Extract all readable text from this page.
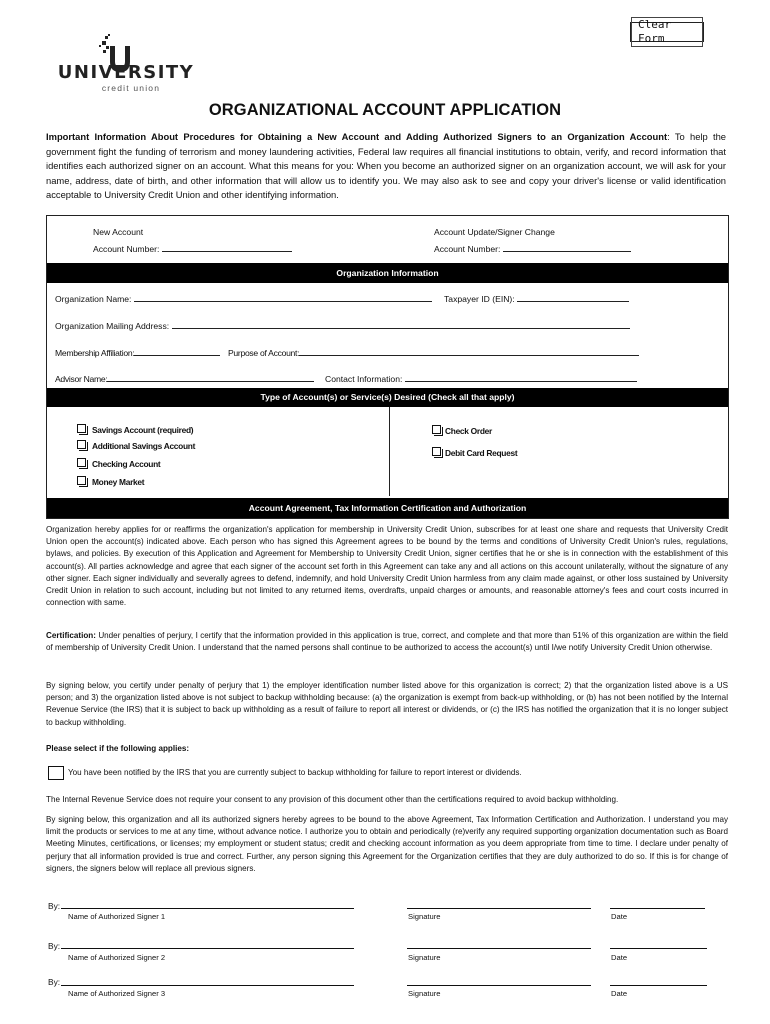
UNIVERSITY
credit union
Clear Form
ORGANIZATIONAL ACCOUNT APPLICATION
Important Information About Procedures for Obtaining a New Account and Adding Authorized Signers to an Organization Account: To help the government fight the funding of terrorism and money laundering activities, Federal law requires all financial institutions to obtain, verify, and record information that identifies each authorized signer on an account. What this means for you: When you become an authorized signer on an organization account, we will ask for your name, address, date of birth, and other information that will allow us to identify you. We may also ask to see and copy your driver's license or valid identification acceptable to University Credit Union and other identifying information.
New Account
Account Number:
Account Update/Signer Change
Account Number:
Organization Information
Organization Name:	Taxpayer ID (EIN):
Organization Mailing Address:
Membership Affiliation:	Purpose of Account:
Advisor Name:	Contact Information:
Type of Account(s) or Service(s) Desired (Check all that apply)
Savings Account (required)
Additional Savings Account
Checking Account
Money Market
Check Order
Debit Card Request
Account Agreement, Tax Information Certification and Authorization
Organization hereby applies for or reaffirms the organization's application for membership in University Credit Union, subscribes for at least one share and requests that University Credit Union open the account(s) indicated above. Each person who has signed this Agreement agrees to be bound by the terms and conditions of University Credit Union's rules, regulations, bylaws, and policies. By execution of this Application and Agreement for Membership to University Credit Union, signer certifies that he or she is in connection with the establishment of this account(s). All parties acknowledge and agree that each signer of the account set forth in this Agreement can take any and all actions on this account unilaterally, without the signature of any other signer. Each signer individually and severally agrees to defend, indemnify, and hold University Credit Union harmless from any claim made against, or other loss sustained by University Credit Union in relation to such account, including but not limited to any returned items, overdrafts, unpaid charges or amounts, and reasonable attorney's fees and court costs incurred in connection with same.
Certification: Under penalties of perjury, I certify that the information provided in this application is true, correct, and complete and that more than 51% of this organization are within the field of membership of University Credit Union. I understand that the named persons shall continue to be authorized to access the account(s) until I/we notify University Credit Union otherwise.
By signing below, you certify under penalty of perjury that 1) the employer identification number listed above for this organization is correct; 2) that the organization listed above is a US person; and 3) the organization listed above is not subject to backup withholding because: (a) the organization is exempt from back-up withholding, or (b) has not been notified by the Internal Revenue Service (the IRS) that it is subject to back up withholding as a result of failure to report all interest or dividends, or (c) the IRS has notified the organization that it is no longer subject to backup withholding.
Please select if the following applies:
You have been notified by the IRS that you are currently subject to backup withholding for failure to report interest or dividends.
The Internal Revenue Service does not require your consent to any provision of this document other than the certifications required to avoid backup withholding.
By signing below, this organization and all its authorized signers hereby agrees to be bound to the above Agreement, Tax Information Certification and Authorization. I understand you may limit the products or services to me at any time, without advance notice. I authorize you to obtain and periodically (re)verify any required supporting organization documentation such as Board Meeting Minutes, certifications, or licenses; my employment or student status; credit and checking account information as you deem appropriate from time to time. I declare under penalty of perjury that all information provided is true and correct. Further, any person signing this Agreement for the Organization certifies that they are duly authorized to do so. If this is for change of signers, the signers below will replace all previous signers.
By:
Name of Authorized Signer 1	Signature	Date
By:
Name of Authorized Signer 2	Signature	Date
By:
Name of Authorized Signer 3	Signature	Date
